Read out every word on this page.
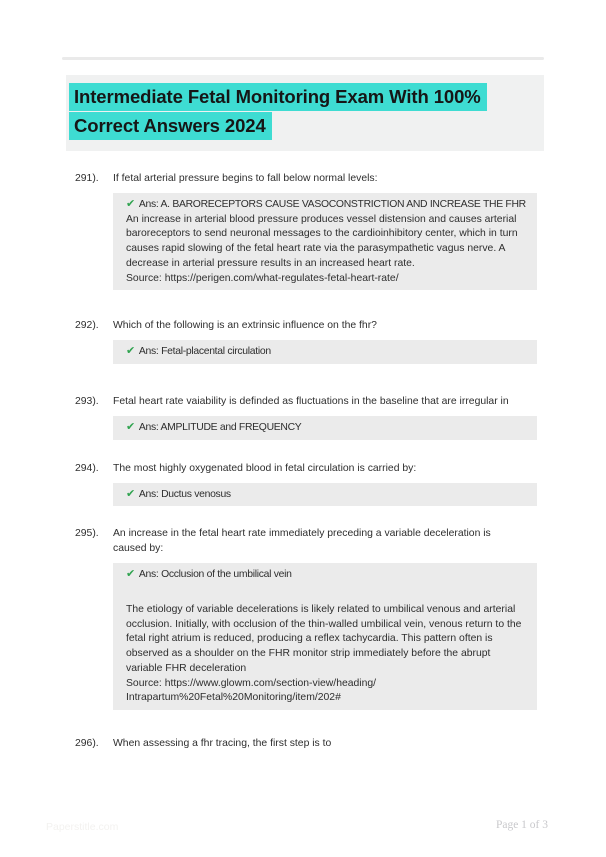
Intermediate Fetal Monitoring Exam With 100%
Correct Answers 2024
291).	If fetal arterial pressure begins to fall below normal levels:
✔ Ans: A. BARORECEPTORS CAUSE VASOCONSTRICTION AND INCREASE THE FHR
An increase in arterial blood pressure produces vessel distension and causes arterial baroreceptors to send neuronal messages to the cardioinhibitory center, which in turn causes rapid slowing of the fetal heart rate via the parasympathetic vagus nerve. A decrease in arterial pressure results in an increased heart rate.
Source: https://perigen.com/what-regulates-fetal-heart-rate/
292).	Which of the following is an extrinsic influence on the fhr?
✔ Ans: Fetal-placental circulation
293).	Fetal heart rate vaiability is definded as fluctuations in the baseline that are irregular in
✔ Ans: AMPLITUDE and FREQUENCY
294).	The most highly oxygenated blood in fetal circulation is carried by:
✔ Ans: Ductus venosus
295).	An increase in the fetal heart rate immediately preceding a variable deceleration is caused by:
✔ Ans: Occlusion of the umbilical vein
The etiology of variable decelerations is likely related to umbilical venous and arterial occlusion. Initially, with occlusion of the thin-walled umbilical vein, venous return to the fetal right atrium is reduced, producing a reflex tachycardia. This pattern often is observed as a shoulder on the FHR monitor strip immediately before the abrupt variable FHR deceleration
Source: https://www.glowm.com/section-view/heading/
Intrapartum%20Fetal%20Monitoring/item/202#
296).	When assessing a fhr tracing, the first step is to
Paperstitle.com	Page 1 of 3
